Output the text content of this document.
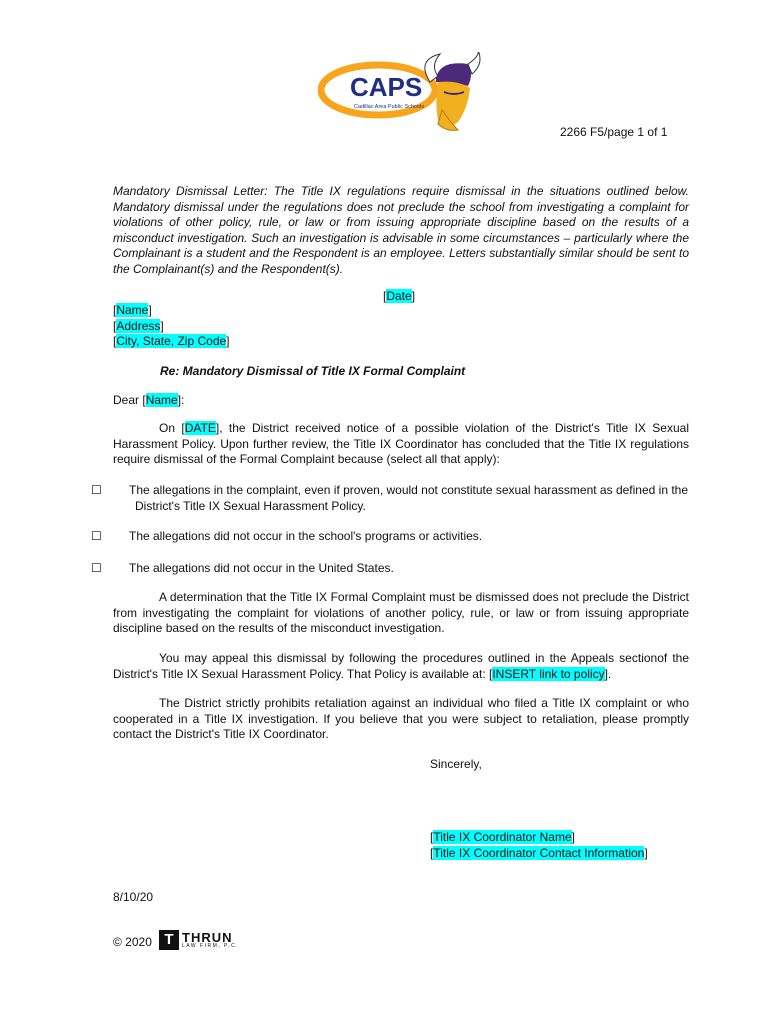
CAPS
Cadillac Area Public Schools
2266 F5/page 1 of 1
Mandatory Dismissal Letter: The Title IX regulations require dismissal in the situations outlined below. Mandatory dismissal under the regulations does not preclude the school from investigating a complaint for violations of other policy, rule, or law or from issuing appropriate discipline based on the results of a misconduct investigation. Such an investigation is advisable in some circumstances – particularly where the Complainant is a student and the Respondent is an employee. Letters substantially similar should be sent to the Complainant(s) and the Respondent(s).
[Date]
[Name]
[Address]
[City, State, Zip Code]
Re: Mandatory Dismissal of Title IX Formal Complaint
Dear [Name]:
On [DATE], the District received notice of a possible violation of the District's Title IX Sexual Harassment Policy. Upon further review, the Title IX Coordinator has concluded that the Title IX regulations require dismissal of the Formal Complaint because (select all that apply):
☐ The allegations in the complaint, even if proven, would not constitute sexual harassment as defined in the District's Title IX Sexual Harassment Policy.
☐ The allegations did not occur in the school's programs or activities.
☐ The allegations did not occur in the United States.
A determination that the Title IX Formal Complaint must be dismissed does not preclude the District from investigating the complaint for violations of another policy, rule, or law or from issuing appropriate discipline based on the results of the misconduct investigation.
You may appeal this dismissal by following the procedures outlined in the Appeals sectionof the District's Title IX Sexual Harassment Policy. That Policy is available at: [INSERT link to policy].
The District strictly prohibits retaliation against an individual who filed a Title IX complaint or who cooperated in a Title IX investigation. If you believe that you were subject to retaliation, please promptly contact the District's Title IX Coordinator.
Sincerely,
[Title IX Coordinator Name]
[Title IX Coordinator Contact Information]
8/10/20
© 2020 T THRUN
LAW FIRM, P.C.
